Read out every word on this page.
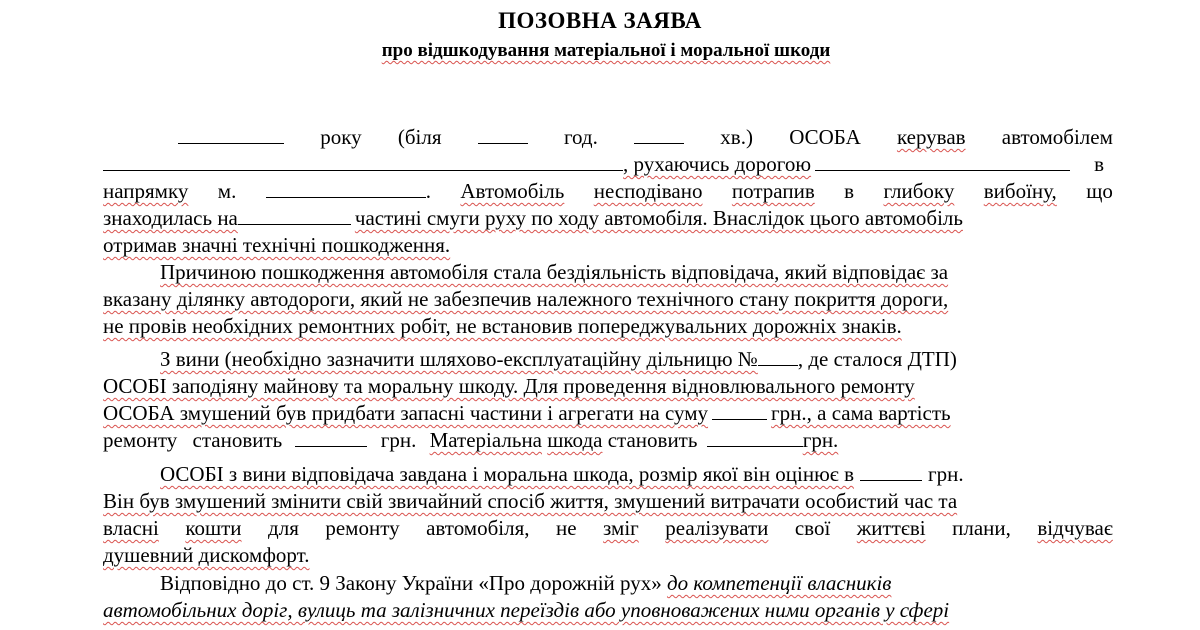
ПОЗОВНА ЗАЯВА
про відшкодування матеріальної і моральної шкоди
року (біля	год.	хв.) ОСОБА керував автомобілем
, рухаючись дорогою	в
напрямку м.	. Автомобіль несподівано потрапив в глибоку вибоїну, що
знаходилась на	частині смуги руху по ходу автомобіля. Внаслідок цього автомобіль
отримав значні технічні пошкодження.
Причиною пошкодження автомобіля стала бездіяльність відповідача, який відповідає за
вказану ділянку автодороги, який не забезпечив належного технічного стану покриття дороги,
не провів необхідних ремонтних робіт, не встановив попереджувальних дорожніх знаків.
З вини (необхідно зазначити шляхово-експлуатаційну дільницю № , де сталося ДТП)
ОСОБІ заподіяну майнову та моральну шкоду. Для проведення відновлювального ремонту
ОСОБА змушений був придбати запасні частини і агрегати на суму	грн., а сама вартість
ремонту становить	грн. Матеріальна шкода становить	грн.
ОСОБІ з вини відповідача завдана і моральна шкода, розмір якої він оцінює в	грн.
Він був змушений змінити свій звичайний спосіб життя, змушений витрачати особистий час та
власні кошти для ремонту автомобіля, не зміг реалізувати свої життєві плани, відчуває
душевний дискомфорт.
Відповідно до ст. 9 Закону України «Про дорожній рух» до компетенції власників
автомобільних доріг, вулиць та залізничних переїздів або уповноважених ними органів у сфері
